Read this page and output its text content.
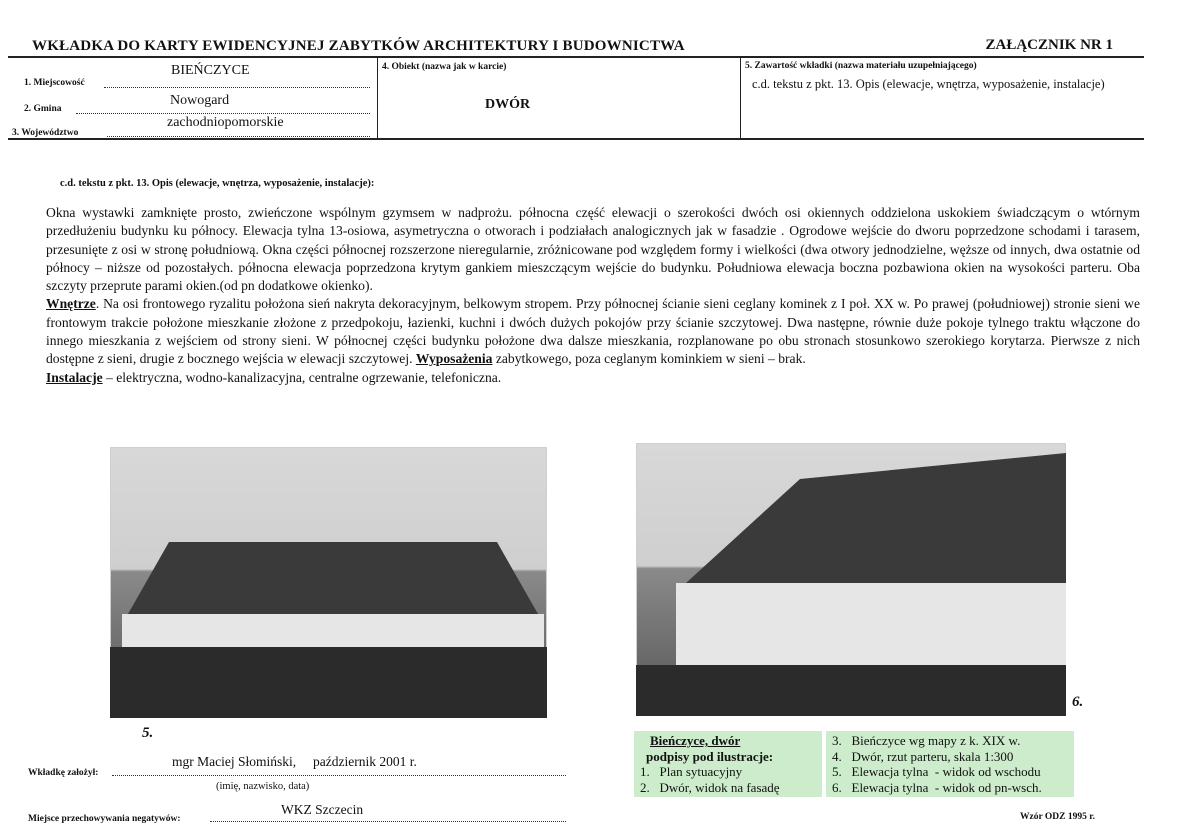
WKŁADKA DO KARTY EWIDENCYJNEJ ZABYTKÓW ARCHITEKTURY I BUDOWNICTWA	ZAŁĄCZNIK NR 1
1. Miejscowość
BIEŃCZYCE
2. Gmina
Nowogard
3. Województwo
zachodniopomorskie
4. Obiekt (nazwa jak w karcie)
DWÓR
5. Zawartość wkładki (nazwa materiału uzupełniającego)
c.d. tekstu z pkt. 13. Opis (elewacje, wnętrza, wyposażenie, instalacje)
c.d. tekstu z pkt. 13. Opis (elewacje, wnętrza, wyposażenie, instalacje):

Okna wystawki zamknięte prosto, zwieńczone wspólnym gzymsem w nadprożu. północna część elewacji o szerokości dwóch osi okiennych oddzielona uskokiem świadczącym o wtórnym przedłużeniu budynku ku północy. Elewacja tylna 13-osiowa, asymetryczna o otworach i podziałach analogicznych jak w fasadzie . Ogrodowe wejście do dworu poprzedzone schodami i tarasem, przesunięte z osi w stronę południową. Okna części północnej rozszerzone nieregularnie, zróżnicowane pod względem formy i wielkości (dwa otwory jednodzielne, węższe od innych, dwa ostatnie od północy – niższe od pozostałych. północna elewacja poprzedzona krytym gankiem mieszczącym wejście do budynku. Południowa elewacja boczna pozbawiona okien na wysokości parteru. Oba szczyty przeprute parami okien.(od pn dodatkowe okienko).

Wnętrze. Na osi frontowego ryzalitu położona sień nakryta dekoracyjnym, belkowym stropem. Przy północnej ścianie sieni ceglany kominek z I poł. XX w. Po prawej (południowej) stronie sieni we frontowym trakcie położone mieszkanie złożone z przedpokoju, łazienki, kuchni i dwóch dużych pokojów przy ścianie szczytowej. Dwa następne, równie duże pokoje tylnego traktu włączone do innego mieszkania z wejściem od strony sieni. W północnej części budynku położone dwa dalsze mieszkania, rozplanowane po obu stronach stosunkowo szerokiego korytarza. Pierwsze z nich dostępne z sieni, drugie z bocznego wejścia w elewacji szczytowej. Wyposażenia zabytkowego, poza ceglanym kominkiem w sieni – brak.

Instalacje – elektryczna, wodno-kanalizacyjna, centralne ogrzewanie, telefoniczna.

5.
6.
Bieńczyce, dwór
podpisy pod ilustracje:
1.   Plan sytuacyjny
2.   Dwór, widok na fasadę
3.   Bieńczyce wg mapy z k. XIX w.
4.   Dwór, rzut parteru, skala 1:300
5.   Elewacja tylna  - widok od wschodu
6.   Elewacja tylna  - widok od pn-wsch.
mgr Maciej Słomiński,     październik 2001 r.
Wkładkę założył:
(imię, nazwisko, data)
WKZ Szczecin
Miejsce przechowywania negatywów:	Wzór ODZ 1995 r.
